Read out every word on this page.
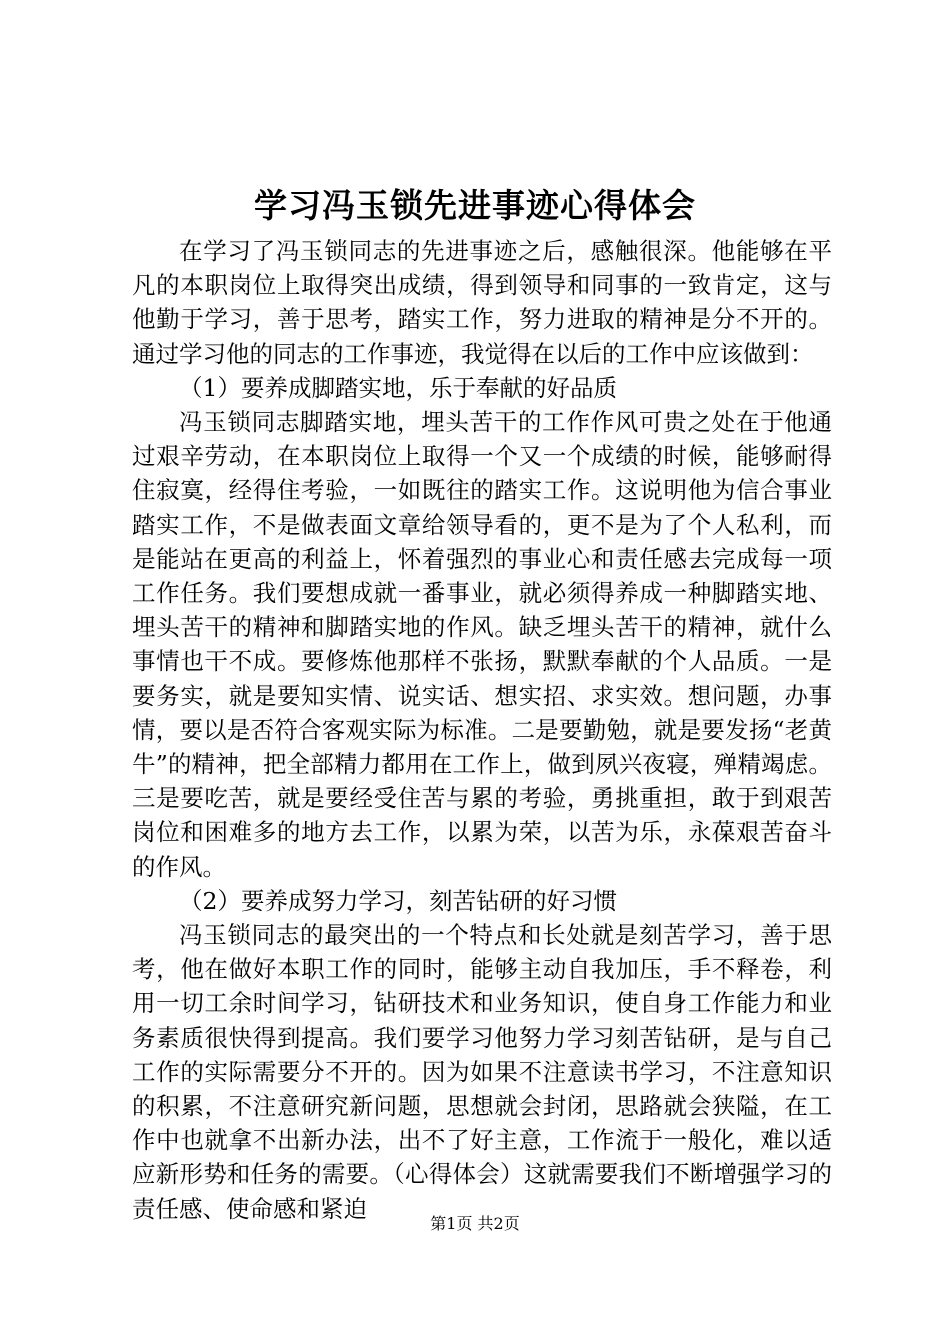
学习冯玉锁先进事迹心得体会

在学习了冯玉锁同志的先进事迹之后，感触很深。他能够在平凡的本职岗位上取得突出成绩，得到领导和同事的一致肯定，这与他勤于学习，善于思考，踏实工作，努力进取的精神是分不开的。通过学习他的同志的工作事迹，我觉得在以后的工作中应该做到：

（1）要养成脚踏实地，乐于奉献的好品质

冯玉锁同志脚踏实地，埋头苦干的工作作风可贵之处在于他通过艰辛劳动，在本职岗位上取得一个又一个成绩的时候，能够耐得住寂寞，经得住考验，一如既往的踏实工作。这说明他为信合事业踏实工作，不是做表面文章给领导看的，更不是为了个人私利，而是能站在更高的利益上，怀着强烈的事业心和责任感去完成每一项工作任务。我们要想成就一番事业，就必须得养成一种脚踏实地、埋头苦干的精神和脚踏实地的作风。缺乏埋头苦干的精神，就什么事情也干不成。要修炼他那样不张扬，默默奉献的个人品质。一是要务实，就是要知实情、说实话、想实招、求实效。想问题，办事情，要以是否符合客观实际为标准。二是要勤勉，就是要发扬“老黄牛”的精神，把全部精力都用在工作上，做到夙兴夜寝，殚精竭虑。三是要吃苦，就是要经受住苦与累的考验，勇挑重担，敢于到艰苦岗位和困难多的地方去工作，以累为荣，以苦为乐，永葆艰苦奋斗的作风。

（2）要养成努力学习，刻苦钻研的好习惯

冯玉锁同志的最突出的一个特点和长处就是刻苦学习，善于思考，他在做好本职工作的同时，能够主动自我加压，手不释卷，利用一切工余时间学习，钻研技术和业务知识，使自身工作能力和业务素质很快得到提高。我们要学习他努力学习刻苦钻研，是与自己工作的实际需要分不开的。因为如果不注意读书学习，不注意知识的积累，不注意研究新问题，思想就会封闭，思路就会狭隘，在工作中也就拿不出新办法，出不了好主意，工作流于一般化，难以适应新形势和任务的需要。（心得体会）这就需要我们不断增强学习的责任感、使命感和紧迫

第1页 共2页
